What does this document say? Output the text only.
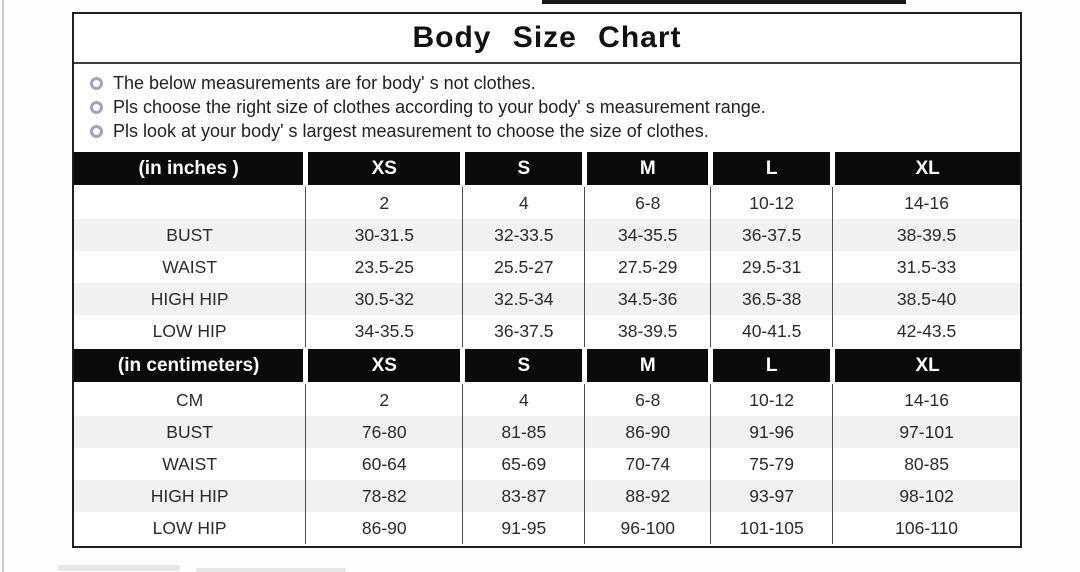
Body Size Chart
The below measurements are for body' s not clothes.
Pls choose the right size of clothes according to your body' s measurement range.
Pls look at your body' s largest measurement to choose the size of clothes.
(in inches )	XS	S	M	L	XL
	2	4	6-8	10-12	14-16
BUST	30-31.5	32-33.5	34-35.5	36-37.5	38-39.5
WAIST	23.5-25	25.5-27	27.5-29	29.5-31	31.5-33
HIGH HIP	30.5-32	32.5-34	34.5-36	36.5-38	38.5-40
LOW HIP	34-35.5	36-37.5	38-39.5	40-41.5	42-43.5
(in centimeters)	XS	S	M	L	XL
CM	2	4	6-8	10-12	14-16
BUST	76-80	81-85	86-90	91-96	97-101
WAIST	60-64	65-69	70-74	75-79	80-85
HIGH HIP	78-82	83-87	88-92	93-97	98-102
LOW HIP	86-90	91-95	96-100	101-105	106-110
